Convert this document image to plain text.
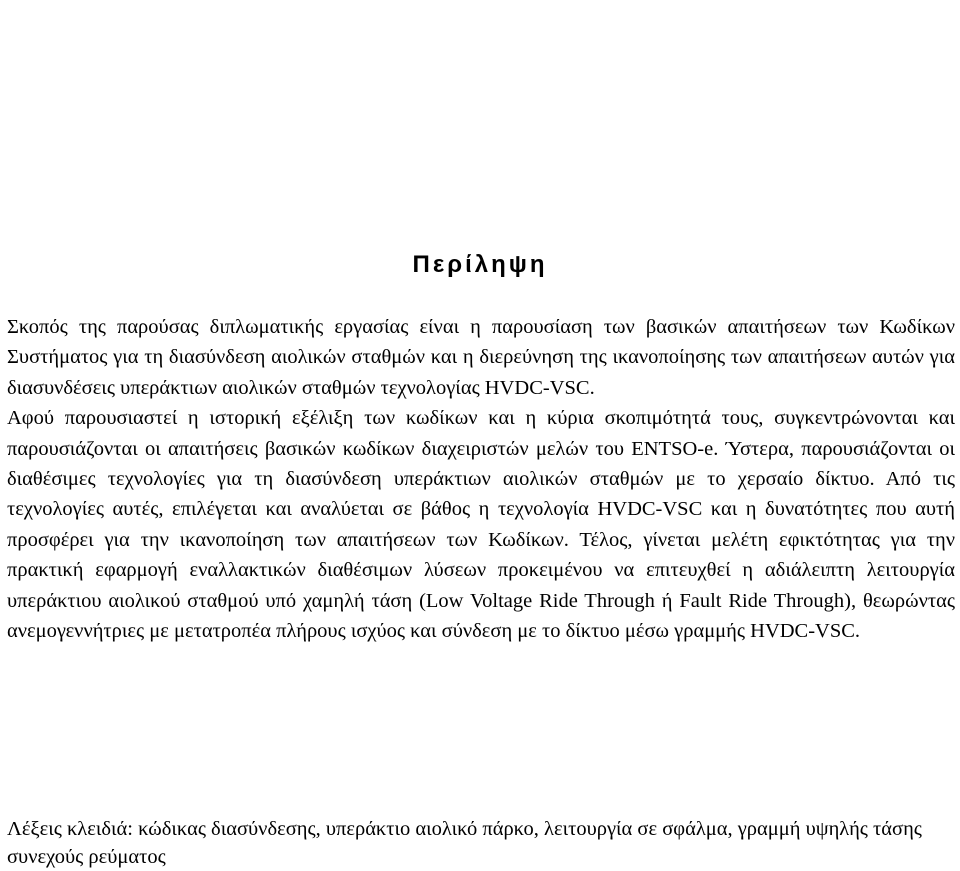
Περίληψη

Σκοπός της παρούσας διπλωματικής εργασίας είναι η παρουσίαση των βασικών απαιτήσεων των Κωδίκων Συστήματος για τη διασύνδεση αιολικών σταθμών και η διερεύνηση της ικανοποίησης των απαιτήσεων αυτών για διασυνδέσεις υπεράκτιων αιολικών σταθμών τεχνολογίας HVDC-VSC.

Αφού παρουσιαστεί η ιστορική εξέλιξη των κωδίκων και η κύρια σκοπιμότητά τους, συγκεντρώνονται και παρουσιάζονται οι απαιτήσεις βασικών κωδίκων διαχειριστών μελών του ENTSO-e. Ύστερα, παρουσιάζονται οι διαθέσιμες τεχνολογίες για τη διασύνδεση υπεράκτιων αιολικών σταθμών με το χερσαίο δίκτυο. Από τις τεχνολογίες αυτές, επιλέγεται και αναλύεται σε βάθος η τεχνολογία HVDC-VSC και η δυνατότητες που αυτή προσφέρει για την ικανοποίηση των απαιτήσεων των Κωδίκων. Τέλος, γίνεται μελέτη εφικτότητας για την πρακτική εφαρμογή εναλλακτικών διαθέσιμων λύσεων προκειμένου να επιτευχθεί η αδιάλειπτη λειτουργία υπεράκτιου αιολικού σταθμού υπό χαμηλή τάση (Low Voltage Ride Through ή Fault Ride Through), θεωρώντας ανεμογεννήτριες με μετατροπέα πλήρους ισχύος και σύνδεση με το δίκτυο μέσω γραμμής HVDC-VSC.

Λέξεις κλειδιά: κώδικας διασύνδεσης, υπεράκτιο αιολικό πάρκο, λειτουργία σε σφάλμα, γραμμή υψηλής τάσης συνεχούς ρεύματος
